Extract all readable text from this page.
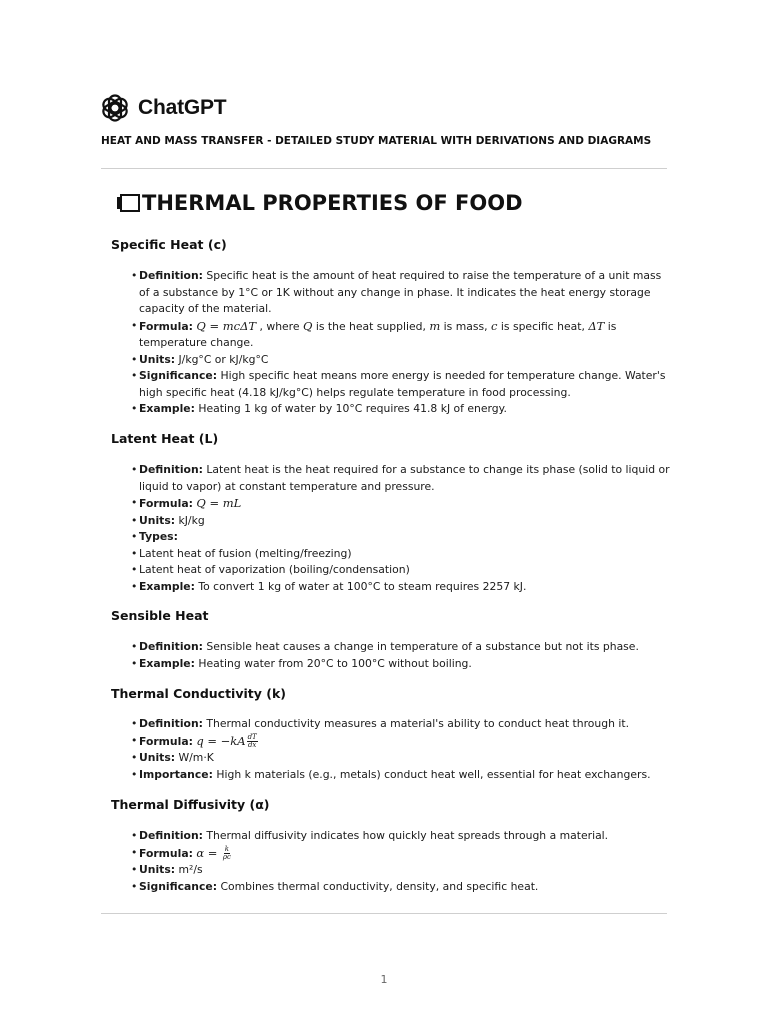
ChatGPT
HEAT AND MASS TRANSFER - DETAILED STUDY MATERIAL WITH DERIVATIONS AND DIAGRAMS
THERMAL PROPERTIES OF FOOD
Specific Heat (c)
• Definition: Specific heat is the amount of heat required to raise the temperature of a unit mass of a substance by 1°C or 1K without any change in phase. It indicates the heat energy storage capacity of the material.
• Formula: Q = mcΔT , where Q is the heat supplied, m is mass, c is specific heat, ΔT is temperature change.
• Units: J/kg°C or kJ/kg°C
• Significance: High specific heat means more energy is needed for temperature change. Water's high specific heat (4.18 kJ/kg°C) helps regulate temperature in food processing.
• Example: Heating 1 kg of water by 10°C requires 41.8 kJ of energy.
Latent Heat (L)
• Definition: Latent heat is the heat required for a substance to change its phase (solid to liquid or liquid to vapor) at constant temperature and pressure.
• Formula: Q = mL
• Units: kJ/kg
• Types:
• Latent heat of fusion (melting/freezing)
• Latent heat of vaporization (boiling/condensation)
• Example: To convert 1 kg of water at 100°C to steam requires 2257 kJ.
Sensible Heat
• Definition: Sensible heat causes a change in temperature of a substance but not its phase.
• Example: Heating water from 20°C to 100°C without boiling.
Thermal Conductivity (k)
• Definition: Thermal conductivity measures a material's ability to conduct heat through it.
• Formula: $q = -kA \frac{dT}{dx}$
• Units: W/m·K
• Importance: High k materials (e.g., metals) conduct heat well, essential for heat exchangers.
Thermal Diffusivity (α)
• Definition: Thermal diffusivity indicates how quickly heat spreads through a material.
• Formula: $\alpha = \frac{k}{\rho c}$
• Units: m²/s
• Significance: Combines thermal conductivity, density, and specific heat.
1
